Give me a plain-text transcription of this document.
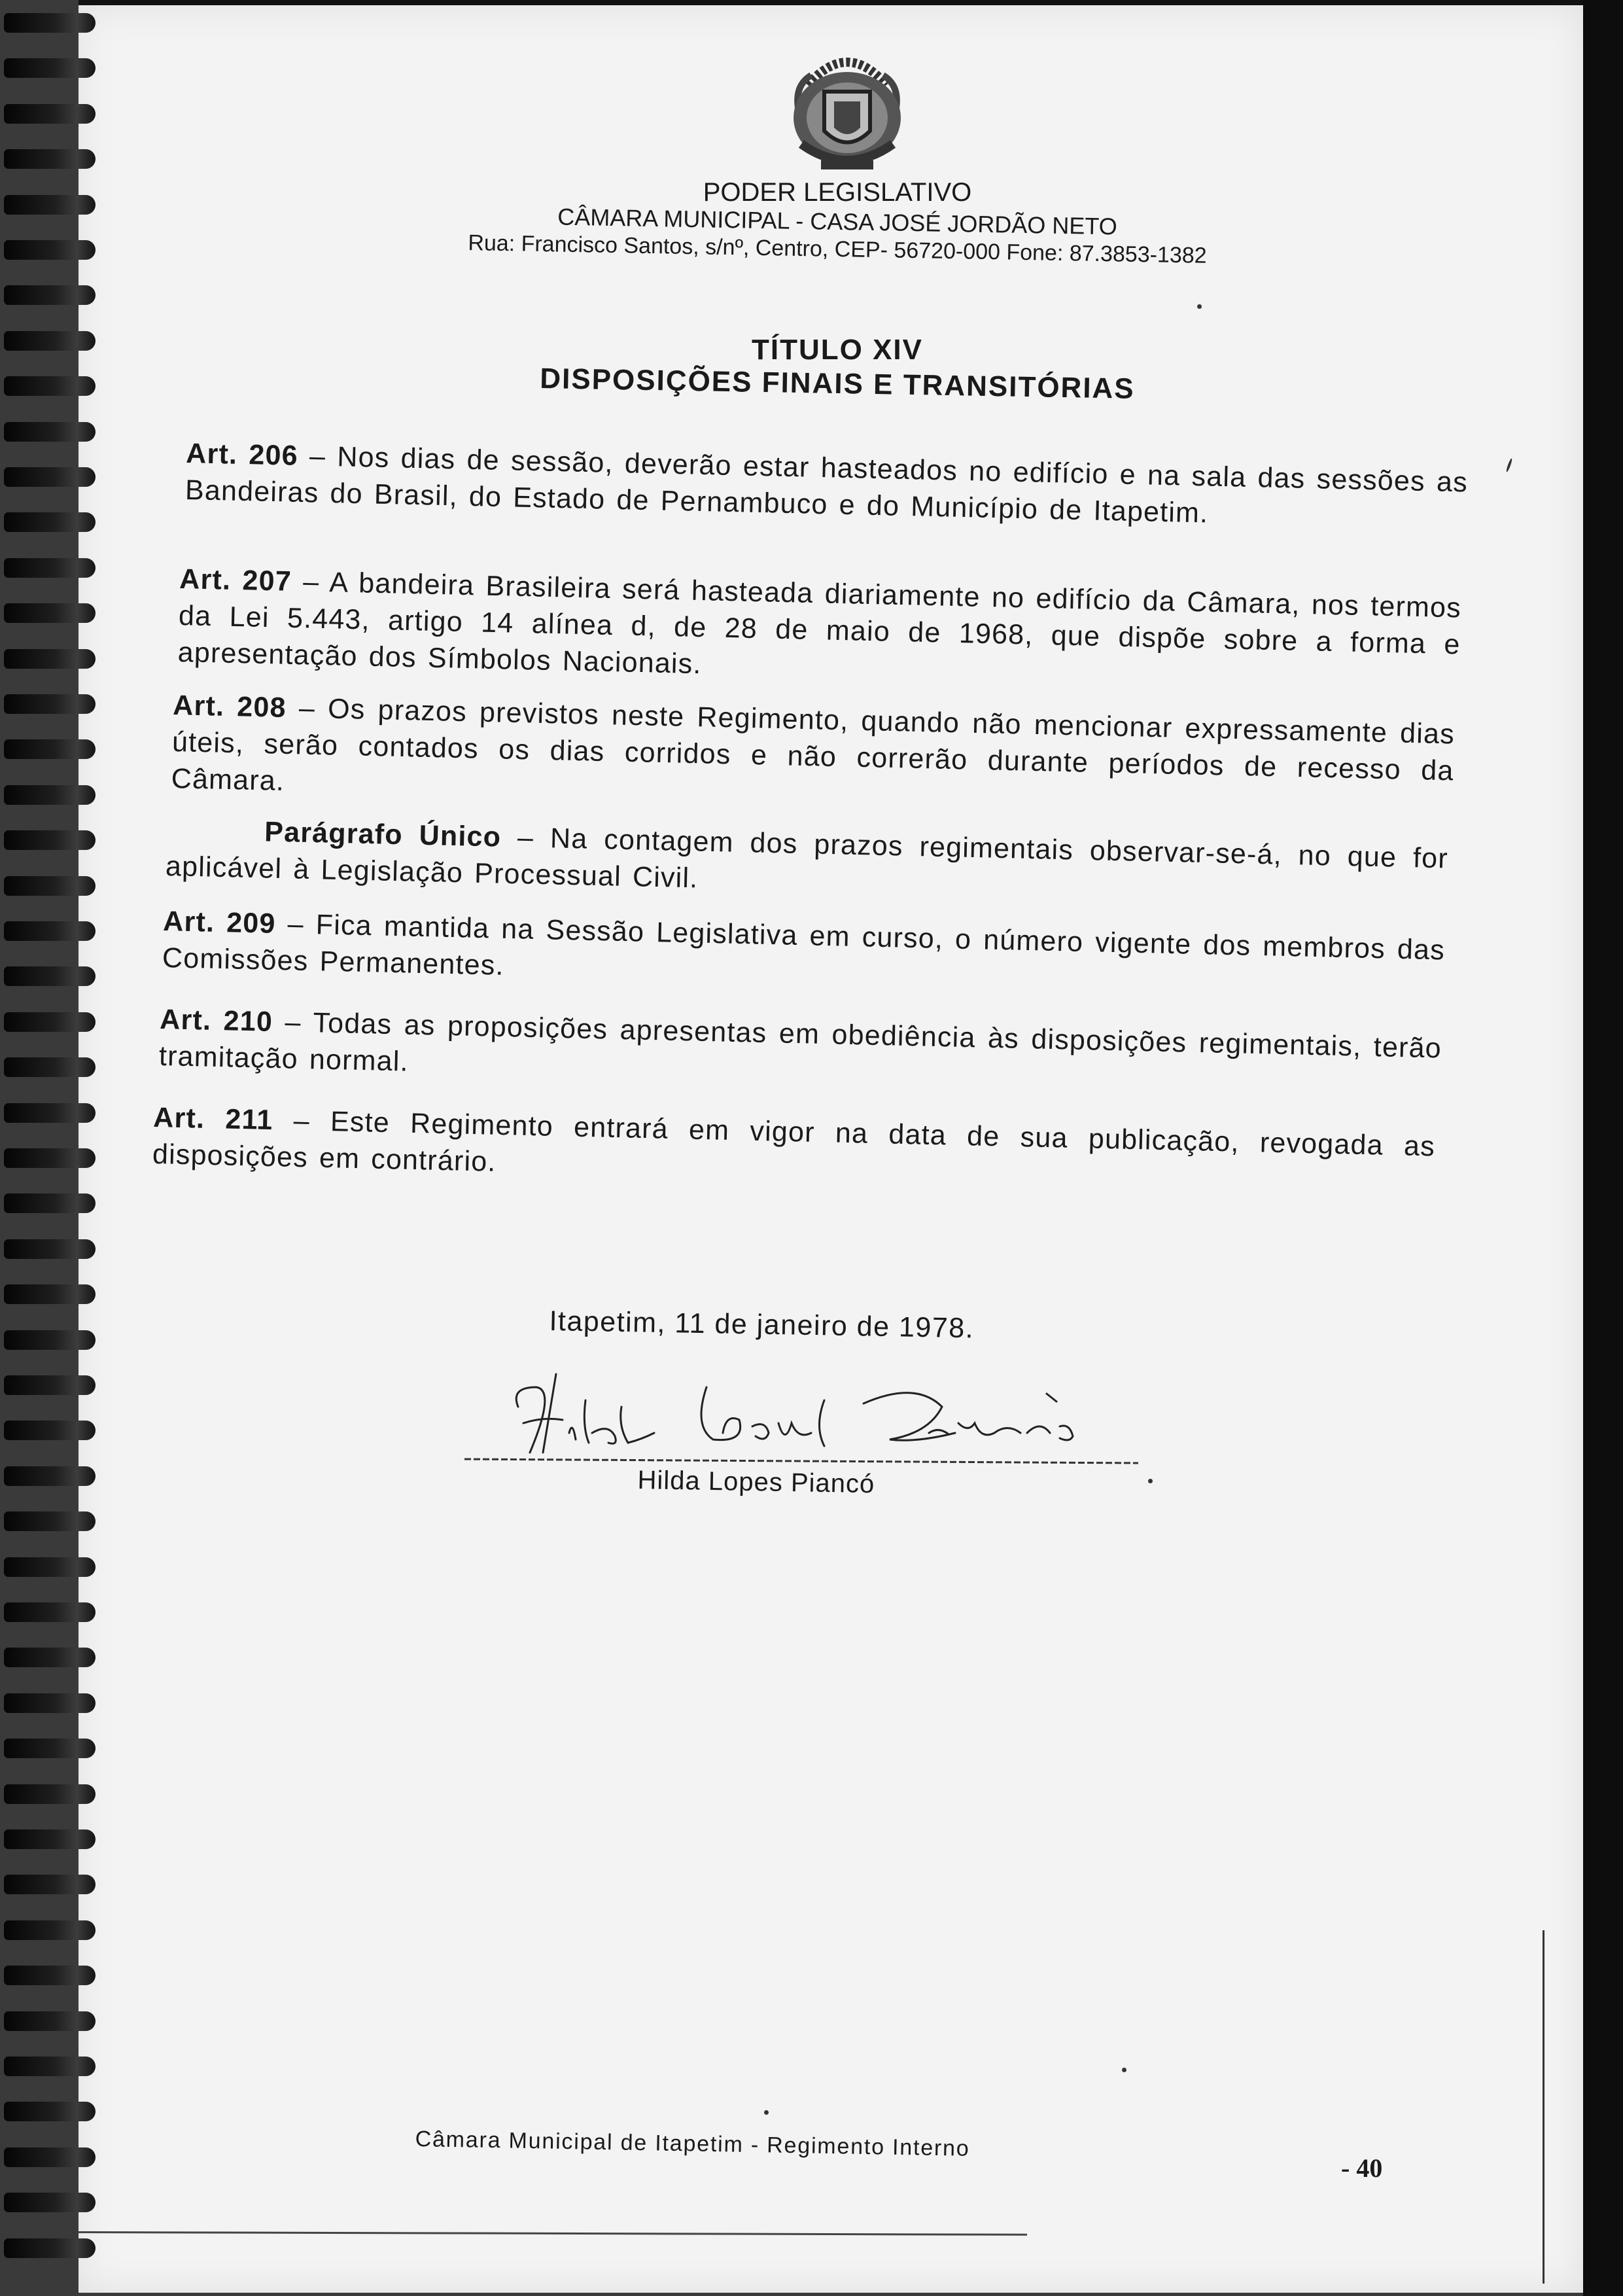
PODER LEGISLATIVO
CÂMARA MUNICIPAL - CASA JOSÉ JORDÃO NETO
Rua: Francisco Santos, s/nº, Centro, CEP- 56720-000 Fone: 87.3853-1382
TÍTULO XIV
DISPOSIÇÕES FINAIS E TRANSITÓRIAS
Art. 206 – Nos dias de sessão, deverão estar hasteados no edifício e na sala das sessões as Bandeiras do Brasil, do Estado de Pernambuco e do Município de Itapetim.
Art. 207 – A bandeira Brasileira será hasteada diariamente no edifício da Câmara, nos termos da Lei 5.443, artigo 14 alínea d, de 28 de maio de 1968, que dispõe sobre a forma e apresentação dos Símbolos Nacionais.
Art. 208 – Os prazos previstos neste Regimento, quando não mencionar expressamente dias úteis, serão contados os dias corridos e não correrão durante períodos de recesso da Câmara.
Parágrafo Único – Na contagem dos prazos regimentais observar-se-á, no que for aplicável à Legislação Processual Civil.
Art. 209 – Fica mantida na Sessão Legislativa em curso, o número vigente dos membros das Comissões Permanentes.
Art. 210 – Todas as proposições apresentas em obediência às disposições regimentais, terão tramitação normal.
Art. 211 – Este Regimento entrará em vigor na data de sua publicação, revogada as disposições em contrário.
Itapetim, 11 de janeiro de 1978.
Hilda Lopes Piancó
Câmara Municipal de Itapetim - Regimento Interno
- 40
